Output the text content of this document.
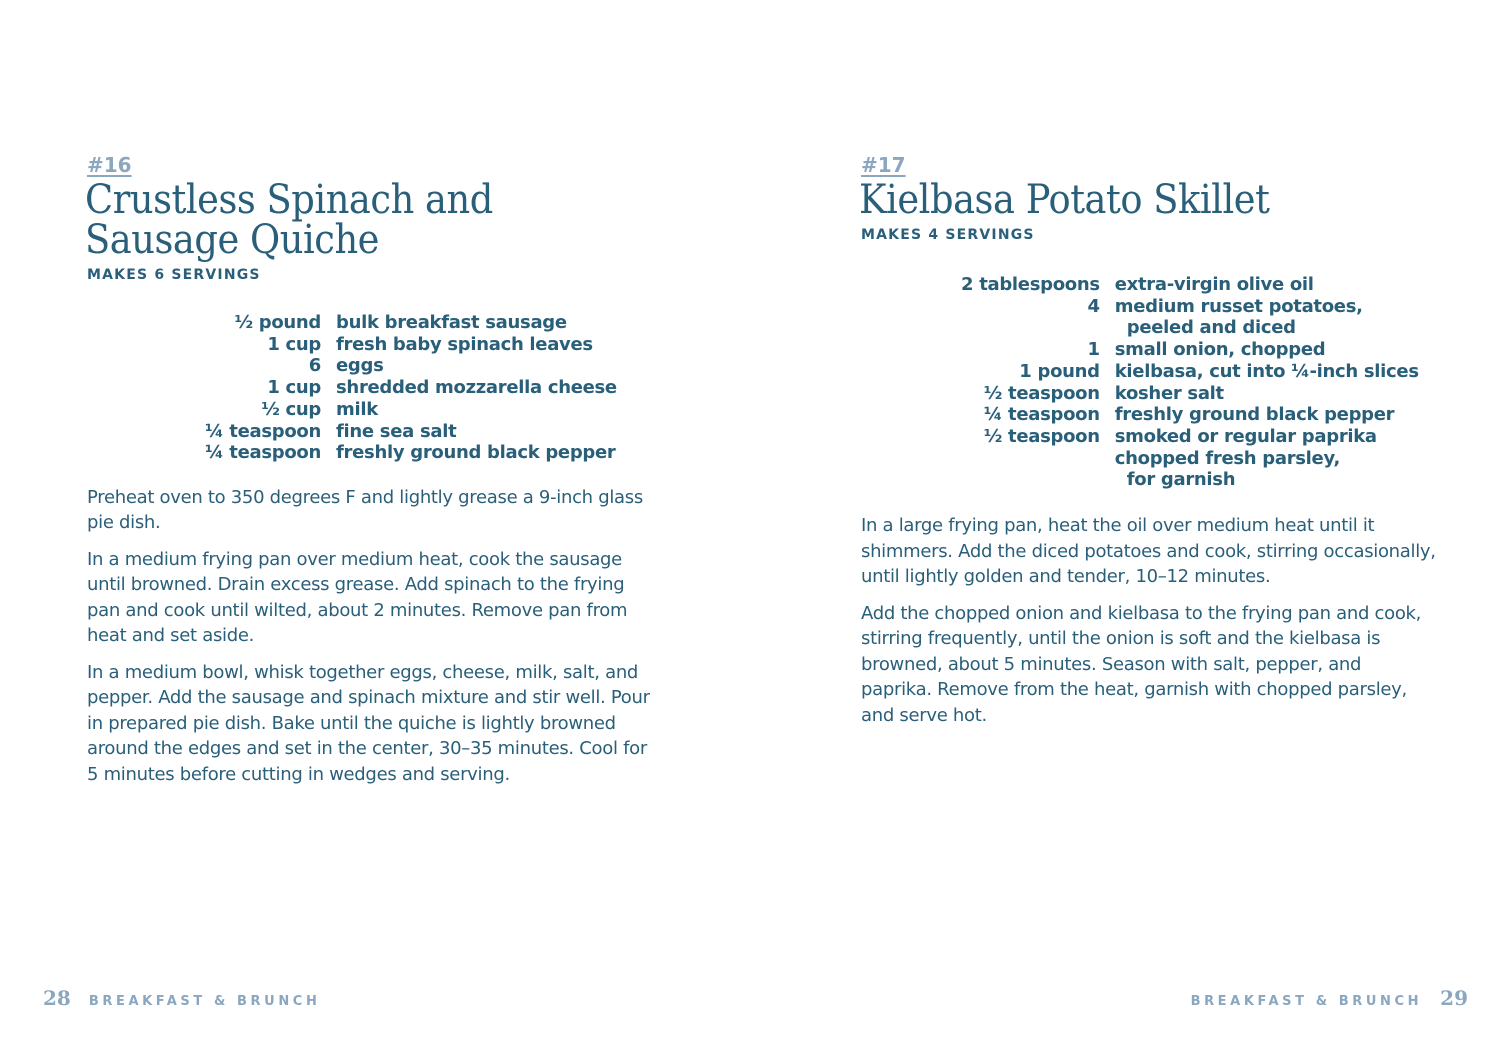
#16
Crustless Spinach and
Sausage Quiche
MAKES 6 SERVINGS
½ pound	bulk breakfast sausage
1 cup	fresh baby spinach leaves
6	eggs
1 cup	shredded mozzarella cheese
½ cup	milk
¼ teaspoon	fine sea salt
¼ teaspoon	freshly ground black pepper

Preheat oven to 350 degrees F and lightly grease a 9-inch glass pie dish.

In a medium frying pan over medium heat, cook the sausage until browned. Drain excess grease. Add spinach to the frying pan and cook until wilted, about 2 minutes. Remove pan from heat and set aside.

In a medium bowl, whisk together eggs, cheese, milk, salt, and pepper. Add the sausage and spinach mixture and stir well. Pour in prepared pie dish. Bake until the quiche is lightly browned around the edges and set in the center, 30–35 minutes. Cool for 5 minutes before cutting in wedges and serving.

28 BREAKFAST & BRUNCH
#17
Kielbasa Potato Skillet
MAKES 4 SERVINGS
2 tablespoons	extra-virgin olive oil
4	medium russet potatoes,
peeled and diced

1	small onion, chopped
1 pound	kielbasa, cut into ¼-inch slices
½ teaspoon	kosher salt
¼ teaspoon	freshly ground black pepper
½ teaspoon	smoked or regular paprika

	chopped fresh parsley,
for garnish

In a large frying pan, heat the oil over medium heat until it shimmers. Add the diced potatoes and cook, stirring occasionally, until lightly golden and tender, 10–12 minutes.

Add the chopped onion and kielbasa to the frying pan and cook, stirring frequently, until the onion is soft and the kielbasa is browned, about 5 minutes. Season with salt, pepper, and paprika. Remove from the heat, garnish with chopped parsley, and serve hot.

BREAKFAST & BRUNCH 29
